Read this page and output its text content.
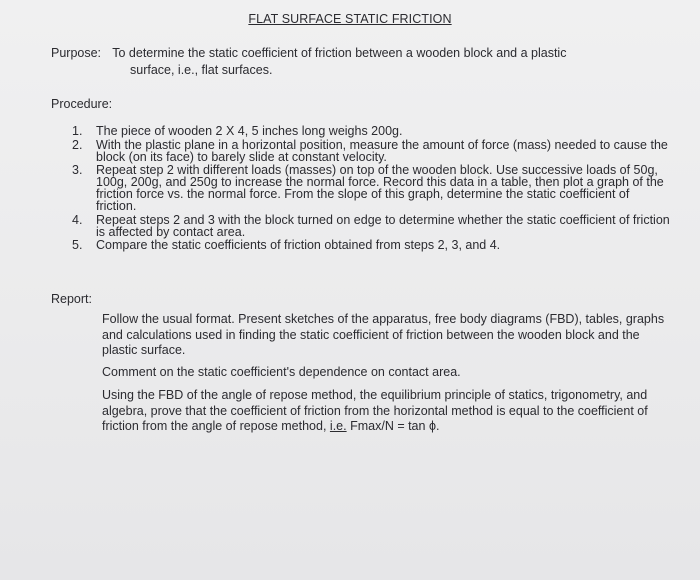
FLAT SURFACE STATIC FRICTION
Purpose: To determine the static coefficient of friction between a wooden block and a plastic
surface, i.e., flat surfaces.
Procedure:
1.	The piece of wooden 2 X 4, 5 inches long weighs 200g.
2.	With the plastic plane in a horizontal position, measure the amount of force (mass) needed to cause the block (on its face) to barely slide at constant velocity.
3.	Repeat step 2 with different loads (masses) on top of the wooden block. Use successive loads of 50g, 100g, 200g, and 250g to increase the normal force. Record this data in a table, then plot a graph of the friction force vs. the normal force. From the slope of this graph, determine the static coefficient of friction.
4.	Repeat steps 2 and 3 with the block turned on edge to determine whether the static coefficient of friction is affected by contact area.
5.	Compare the static coefficients of friction obtained from steps 2, 3, and 4.
Report:

Follow the usual format. Present sketches of the apparatus, free body diagrams (FBD), tables, graphs and calculations used in finding the static coefficient of friction between the wooden block and the plastic surface.

Comment on the static coefficient's dependence on contact area.

Using the FBD of the angle of repose method, the equilibrium principle of statics, trigonometry, and algebra, prove that the coefficient of friction from the horizontal method is equal to the coefficient of friction from the angle of repose method, i.e. Fmax/N = tan ϕ.
